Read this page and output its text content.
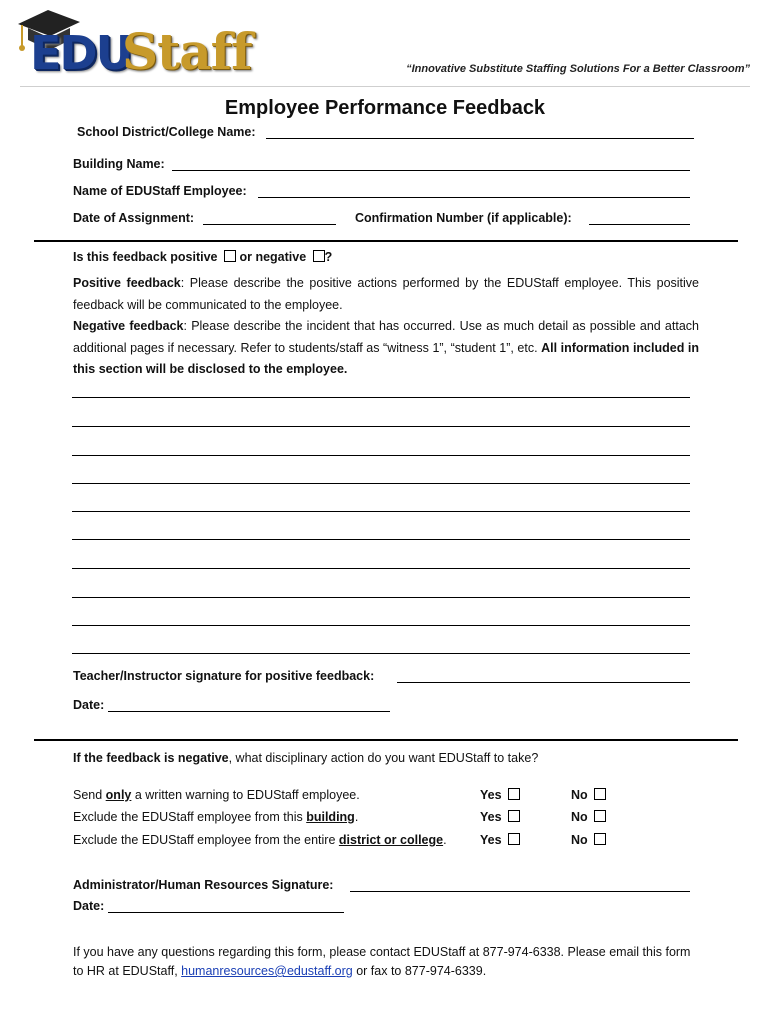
EDU
Staff	“Innovative Substitute Staffing Solutions For a Better Classroom”
Employee Performance Feedback
School District/College Name:
Building Name:
Name of EDUStaff Employee:
Date of Assignment:	Confirmation Number (if applicable):
Is this feedback positive or negative ?
Positive feedback: Please describe the positive actions performed by the EDUStaff employee. This positive feedback will be communicated to the employee.
Negative feedback: Please describe the incident that has occurred. Use as much detail as possible and attach additional pages if necessary. Refer to students/staff as “witness 1”, “student 1”, etc. All information included in this section will be disclosed to the employee.
Teacher/Instructor signature for positive feedback:
Date:
If the feedback is negative, what disciplinary action do you want EDUStaff to take?
Send only a written warning to EDUStaff employee.
Exclude the EDUStaff employee from this building.
Exclude the EDUStaff employee from the entire district or college.
Yes
Yes
Yes
No
No
No
Administrator/Human Resources Signature:
Date:
If you have any questions regarding this form, please contact EDUStaff at 877-974-6338. Please email this form to HR at EDUStaff, humanresources@edustaff.org or fax to 877-974-6339.
